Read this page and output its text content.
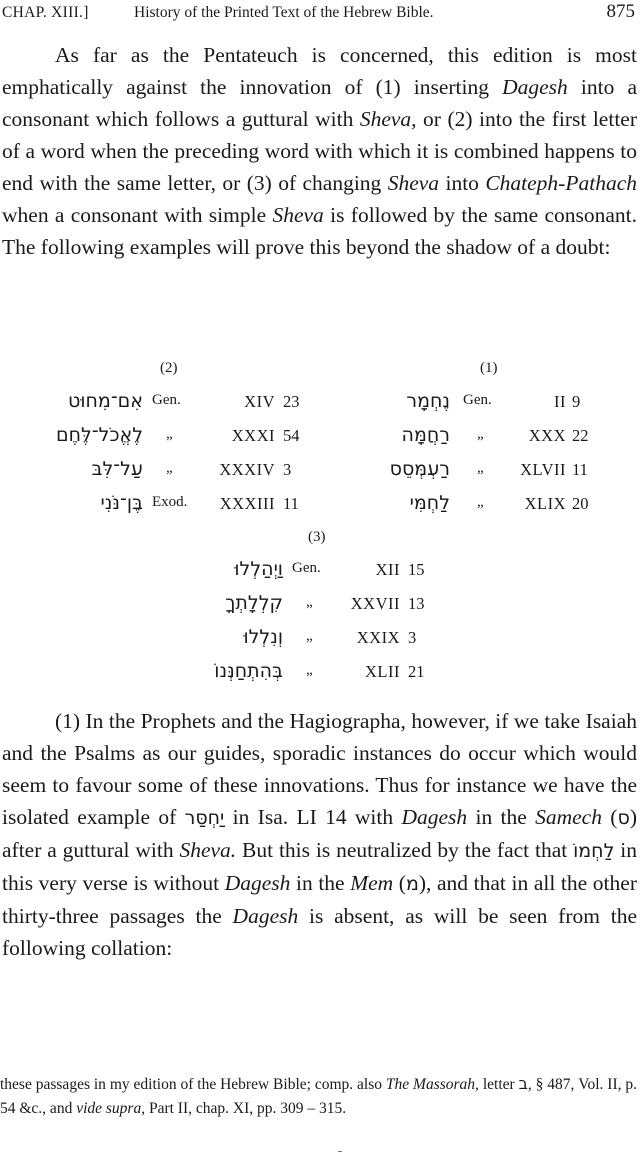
CHAP. XIII.]	History of the Printed Text of the Hebrew Bible.	875

As far as the Pentateuch is concerned, this edition is most emphatically against the innovation of (1) inserting Dagesh into a consonant which follows a guttural with Sheva, or (2) into the first letter of a word when the preceding word with which it is combined happens to end with the same letter, or (3) of changing Sheva into Chateph-Pathach when a consonant with simple Sheva is followed by the same consonant. The following examples will prove this beyond the shadow of a doubt:

(2)	(1)
(3)
אִם־מִחוּט Gen.	XIV 23
לֶאֱכֹל־לֶּחֶם „	XXXI 54
עַל־לִּבּ „	XXXIV 3
בֶּן־נֹּנִי Exod. XXXIII 11
נֶחְמָר Gen.	II 9
רַחֲמָּה „	XXX 22
רַעְמְּסֵס „ XLVII 11
לַחְמִּי „ XLIX 20
וַיְהַלְלוּ Gen.	XII 15
קִלְלָתְךָ „ XXVII 13
וְנִלְלוּ „	XXIX 3
בְּהִתְחַנְּנוֹ „	XLII 21

(1) In the Prophets and the Hagiographa, however, if we take Isaiah and the Psalms as our guides, sporadic instances do occur which would seem to favour some of these innovations. Thus for instance we have the isolated example of יַחְסַּר in Isa. LI 14 with Dagesh in the Samech (ס) after a guttural with Sheva. But this is neutralized by the fact that לַחְמוֹ in this very verse is without Dagesh in the Mem (מ), and that in all the other thirty-three passages the Dagesh is absent, as will be seen from the following collation:

these passages in my edition of the Hebrew Bible; comp. also The Massorah, letter ב, § 487, Vol. II, p. 54 &c., and vide supra, Part II, chap. XI, pp. 309 – 315.
